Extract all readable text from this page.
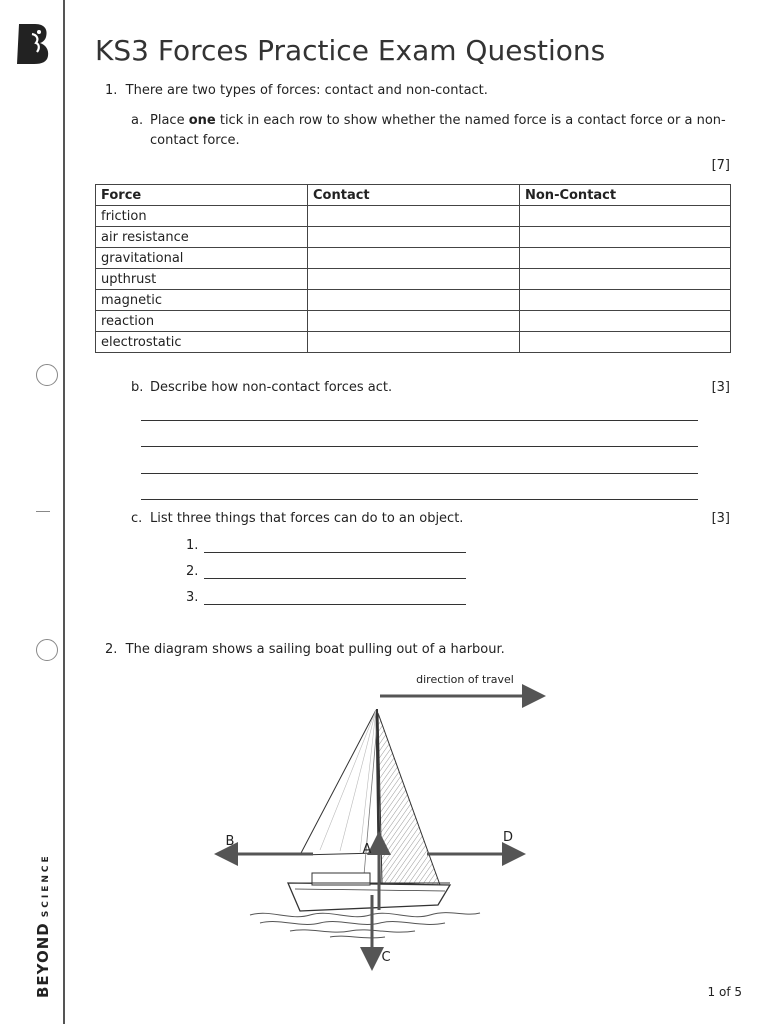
BEYONDSCIENCE
KS3 Forces Practice Exam Questions

1. There are two types of forces: contact and non-contact.

a. Place one tick in each row to show whether the named force is a contact force or a non-
contact force.

[7]
Force	Contact	Non-Contact
friction		
air resistance		
gravitational		
upthrust		
magnetic		
reaction		
electrostatic		

b. Describe how non-contact forces act.	[3]

c. List three things that forces can do to an object.	[3]
1.
2.
3.

2. The diagram shows a sailing boat pulling out of a harbour.

direction of travel
B	D
A
C
1 of 5
